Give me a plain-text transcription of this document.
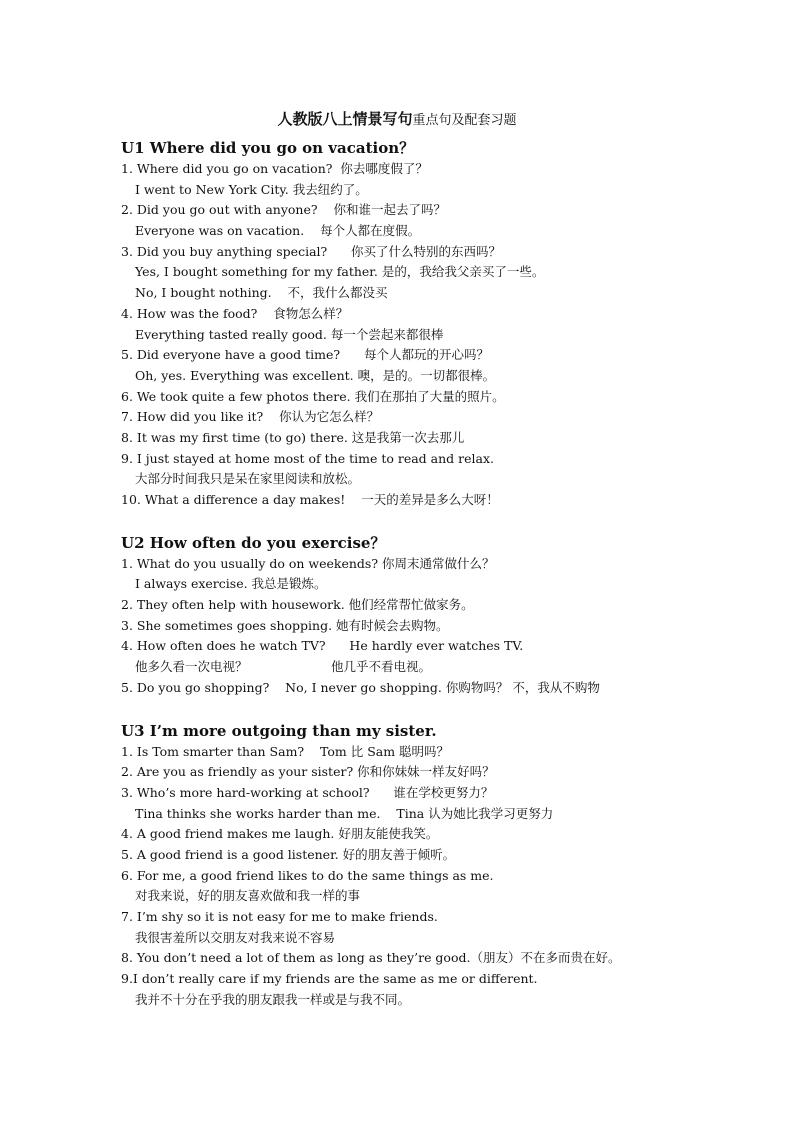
人教版八上情景写句重点句及配套习题
U1 Where did you go on vacation？
1. Where did you go on vacation?  你去哪度假了？
I went to New York City. 我去纽约了。
2. Did you go out with anyone?    你和谁一起去了吗？
Everyone was on vacation.    每个人都在度假。
3. Did you buy anything special?      你买了什么特别的东西吗？
Yes, I bought something for my father. 是的，我给我父亲买了一些。
No, I bought nothing.    不，我什么都没买
4. How was the food?    食物怎么样？
Everything tasted really good. 每一个尝起来都很棒
5. Did everyone have a good time?      每个人都玩的开心吗？
Oh, yes. Everything was excellent. 噢，是的。一切都很棒。
6. We took quite a few photos there. 我们在那拍了大量的照片。
7. How did you like it?    你认为它怎么样？
8. It was my first time (to go) there. 这是我第一次去那儿
9. I just stayed at home most of the time to read and relax.
大部分时间我只是呆在家里阅读和放松。
10. What a difference a day makes!    一天的差异是多么大呀！
U2 How often do you exercise？
1. What do you usually do on weekends? 你周末通常做什么？
I always exercise. 我总是锻炼。
2. They often help with housework. 他们经常帮忙做家务。
3. She sometimes goes shopping. 她有时候会去购物。
4. How often does he watch TV?      He hardly ever watches TV.
他多久看一次电视？                     他几乎不看电视。
5. Do you go shopping?    No, I never go shopping. 你购物吗？ 不，我从不购物
U3 I’m more outgoing than my sister.
1. Is Tom smarter than Sam?    Tom 比 Sam 聪明吗？
2. Are you as friendly as your sister? 你和你妹妹一样友好吗？
3. Who’s more hard-working at school?      谁在学校更努力？
Tina thinks she works harder than me.    Tina 认为她比我学习更努力
4. A good friend makes me laugh. 好朋友能使我笑。
5. A good friend is a good listener. 好的朋友善于倾听。
6. For me, a good friend likes to do the same things as me.
对我来说，好的朋友喜欢做和我一样的事
7. I’m shy so it is not easy for me to make friends.
我很害羞所以交朋友对我来说不容易
8. You don’t need a lot of them as long as they’re good.（朋友）不在多而贵在好。
9.I don’t really care if my friends are the same as me or different.
我并不十分在乎我的朋友跟我一样或是与我不同。
